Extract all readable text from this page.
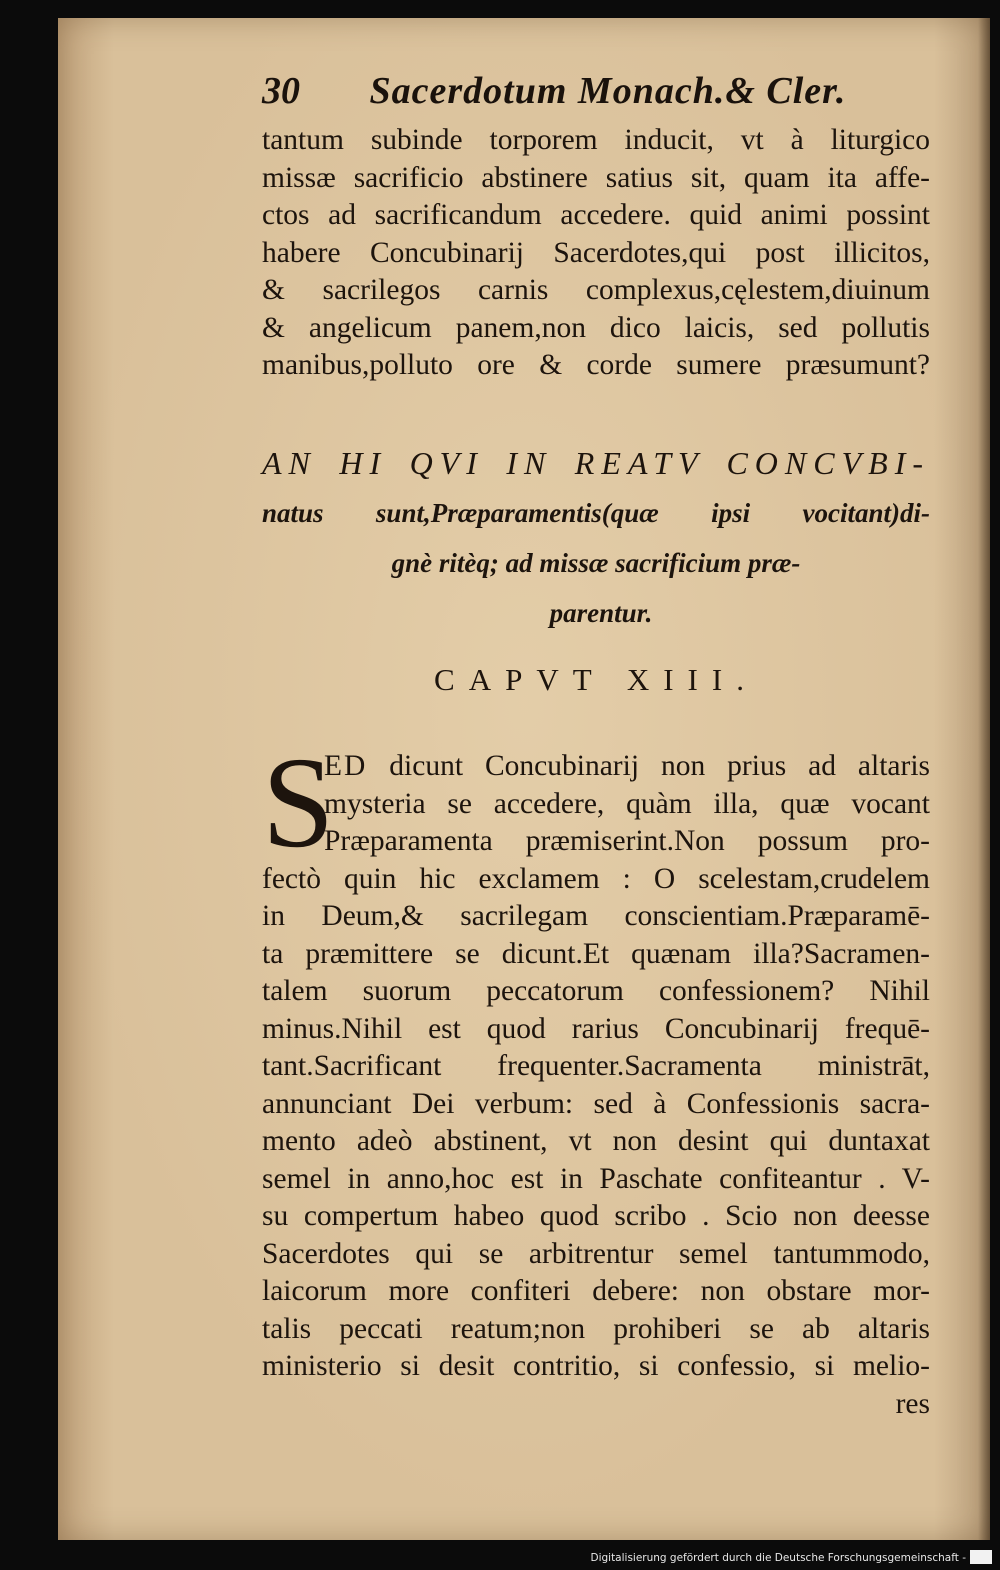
30 Sacerdotum Monach.& Cler.
tantum subinde torporem inducit, vt à liturgico
missæ sacrificio abstinere satius sit, quam ita affe-
ctos ad sacrificandum accedere. quid animi possint
habere Concubinarij Sacerdotes,qui post illicitos,
& sacrilegos carnis complexus,cęlestem,diuinum
& angelicum panem,non dico laicis, sed pollutis
manibus,polluto ore & corde sumere præsumunt?
AN HI QVI IN REATV CONCVBI-
natus sunt,Præparamentis(quæ ipsi vocitant)di-
gnè ritèq; ad missæ sacrificium præ-
parentur.
CAPVT XIII.
S
ED dicunt Concubinarij non prius ad altaris
mysteria se accedere, quàm illa, quæ vocant
Præparamenta præmiserint.Non possum pro-
fectò quin hic exclamem : O scelestam,crudelem
in Deum,& sacrilegam conscientiam.Præparamē-
ta præmittere se dicunt.Et quænam illa?Sacramen-
talem suorum peccatorum confessionem? Nihil
minus.Nihil est quod rarius Concubinarij frequē-
tant.Sacrificant frequenter.Sacramenta ministrāt,
annunciant Dei verbum: sed à Confessionis sacra-
mento adeò abstinent, vt non desint qui duntaxat
semel in anno,hoc est in Paschate confiteantur . V-
su compertum habeo quod scribo . Scio non deesse
Sacerdotes qui se arbitrentur semel tantummodo,
laicorum more confiteri debere: non obstare mor-
talis peccati reatum;non prohiberi se ab altaris
ministerio si desit contritio, si confessio, si melio-
res
Digitalisierung gefördert durch die Deutsche Forschungsgemeinschaft -
